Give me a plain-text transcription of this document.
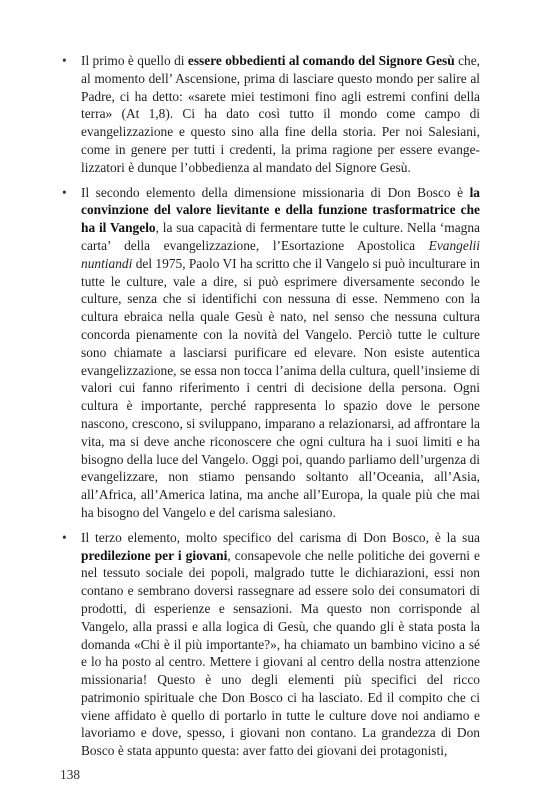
•	Il primo è quello di essere obbedienti al comando del Signore Gesù che, al momento dell’ Ascensione, prima di lasciare questo mondo per salire al Padre, ci ha detto: «sarete miei testimoni fino agli estremi confini della terra» (At 1,8). Ci ha dato così tutto il mondo come campo di evangelizzazione e questo sino alla fine della storia. Per noi Salesiani, come in genere per tutti i credenti, la prima ragione per essere evangelizzatori è dunque l’obbedienza al mandato del Signore Gesù.
•	Il secondo elemento della dimensione missionaria di Don Bosco è la convinzione del valore lievitante e della funzione trasformatrice che ha il Vangelo, la sua capacità di fermentare tutte le culture. Nella ‘magna carta’ della evangelizzazione, l’Esortazione Apostolica Evangelii nuntiandi del 1975, Paolo VI ha scritto che il Vangelo si può inculturare in tutte le culture, vale a dire, si può esprimere diversamente secondo le culture, senza che si identifichi con nessuna di esse. Nemmeno con la cultura ebraica nella quale Gesù è nato, nel senso che nessuna cultura concorda pienamente con la novità del Vangelo. Perciò tutte le culture sono chiamate a lasciarsi purificare ed elevare. Non esiste autentica evangelizzazione, se essa non tocca l’anima della cultura, quell’insieme di valori cui fanno riferimento i centri di decisione della persona. Ogni cultura è importante, perché rappresenta lo spazio dove le persone nascono, crescono, si sviluppano, imparano a relazionarsi, ad affrontare la vita, ma si deve anche riconoscere che ogni cultura ha i suoi limiti e ha bisogno della luce del Vangelo. Oggi poi, quando parliamo dell’urgenza di evangelizzare, non stiamo pensando soltanto all’Oceania, all’Asia, all’Africa, all’America latina, ma anche all’Europa, la quale più che mai ha bisogno del Vangelo e del carisma salesiano.
•	Il terzo elemento, molto specifico del carisma di Don Bosco, è la sua predilezione per i giovani, consapevole che nelle politiche dei governi e nel tessuto sociale dei popoli, malgrado tutte le dichiarazioni, essi non contano e sembrano doversi rassegnare ad essere solo dei consumatori di prodotti, di esperienze e sensazioni. Ma questo non corrisponde al Vangelo, alla prassi e alla logica di Gesù, che quando gli è stata posta la domanda «Chi è il più importante?», ha chiamato un bambino vicino a sé e lo ha posto al centro. Mettere i giovani al centro della nostra attenzione missionaria! Questo è uno degli elementi più specifici del ricco patrimonio spirituale che Don Bosco ci ha lasciato. Ed il compito che ci viene affidato è quello di portarlo in tutte le culture dove noi andiamo e lavoriamo e dove, spesso, i giovani non contano. La grandezza di Don Bosco è stata appunto questa: aver fatto dei giovani dei protagonisti,
138
